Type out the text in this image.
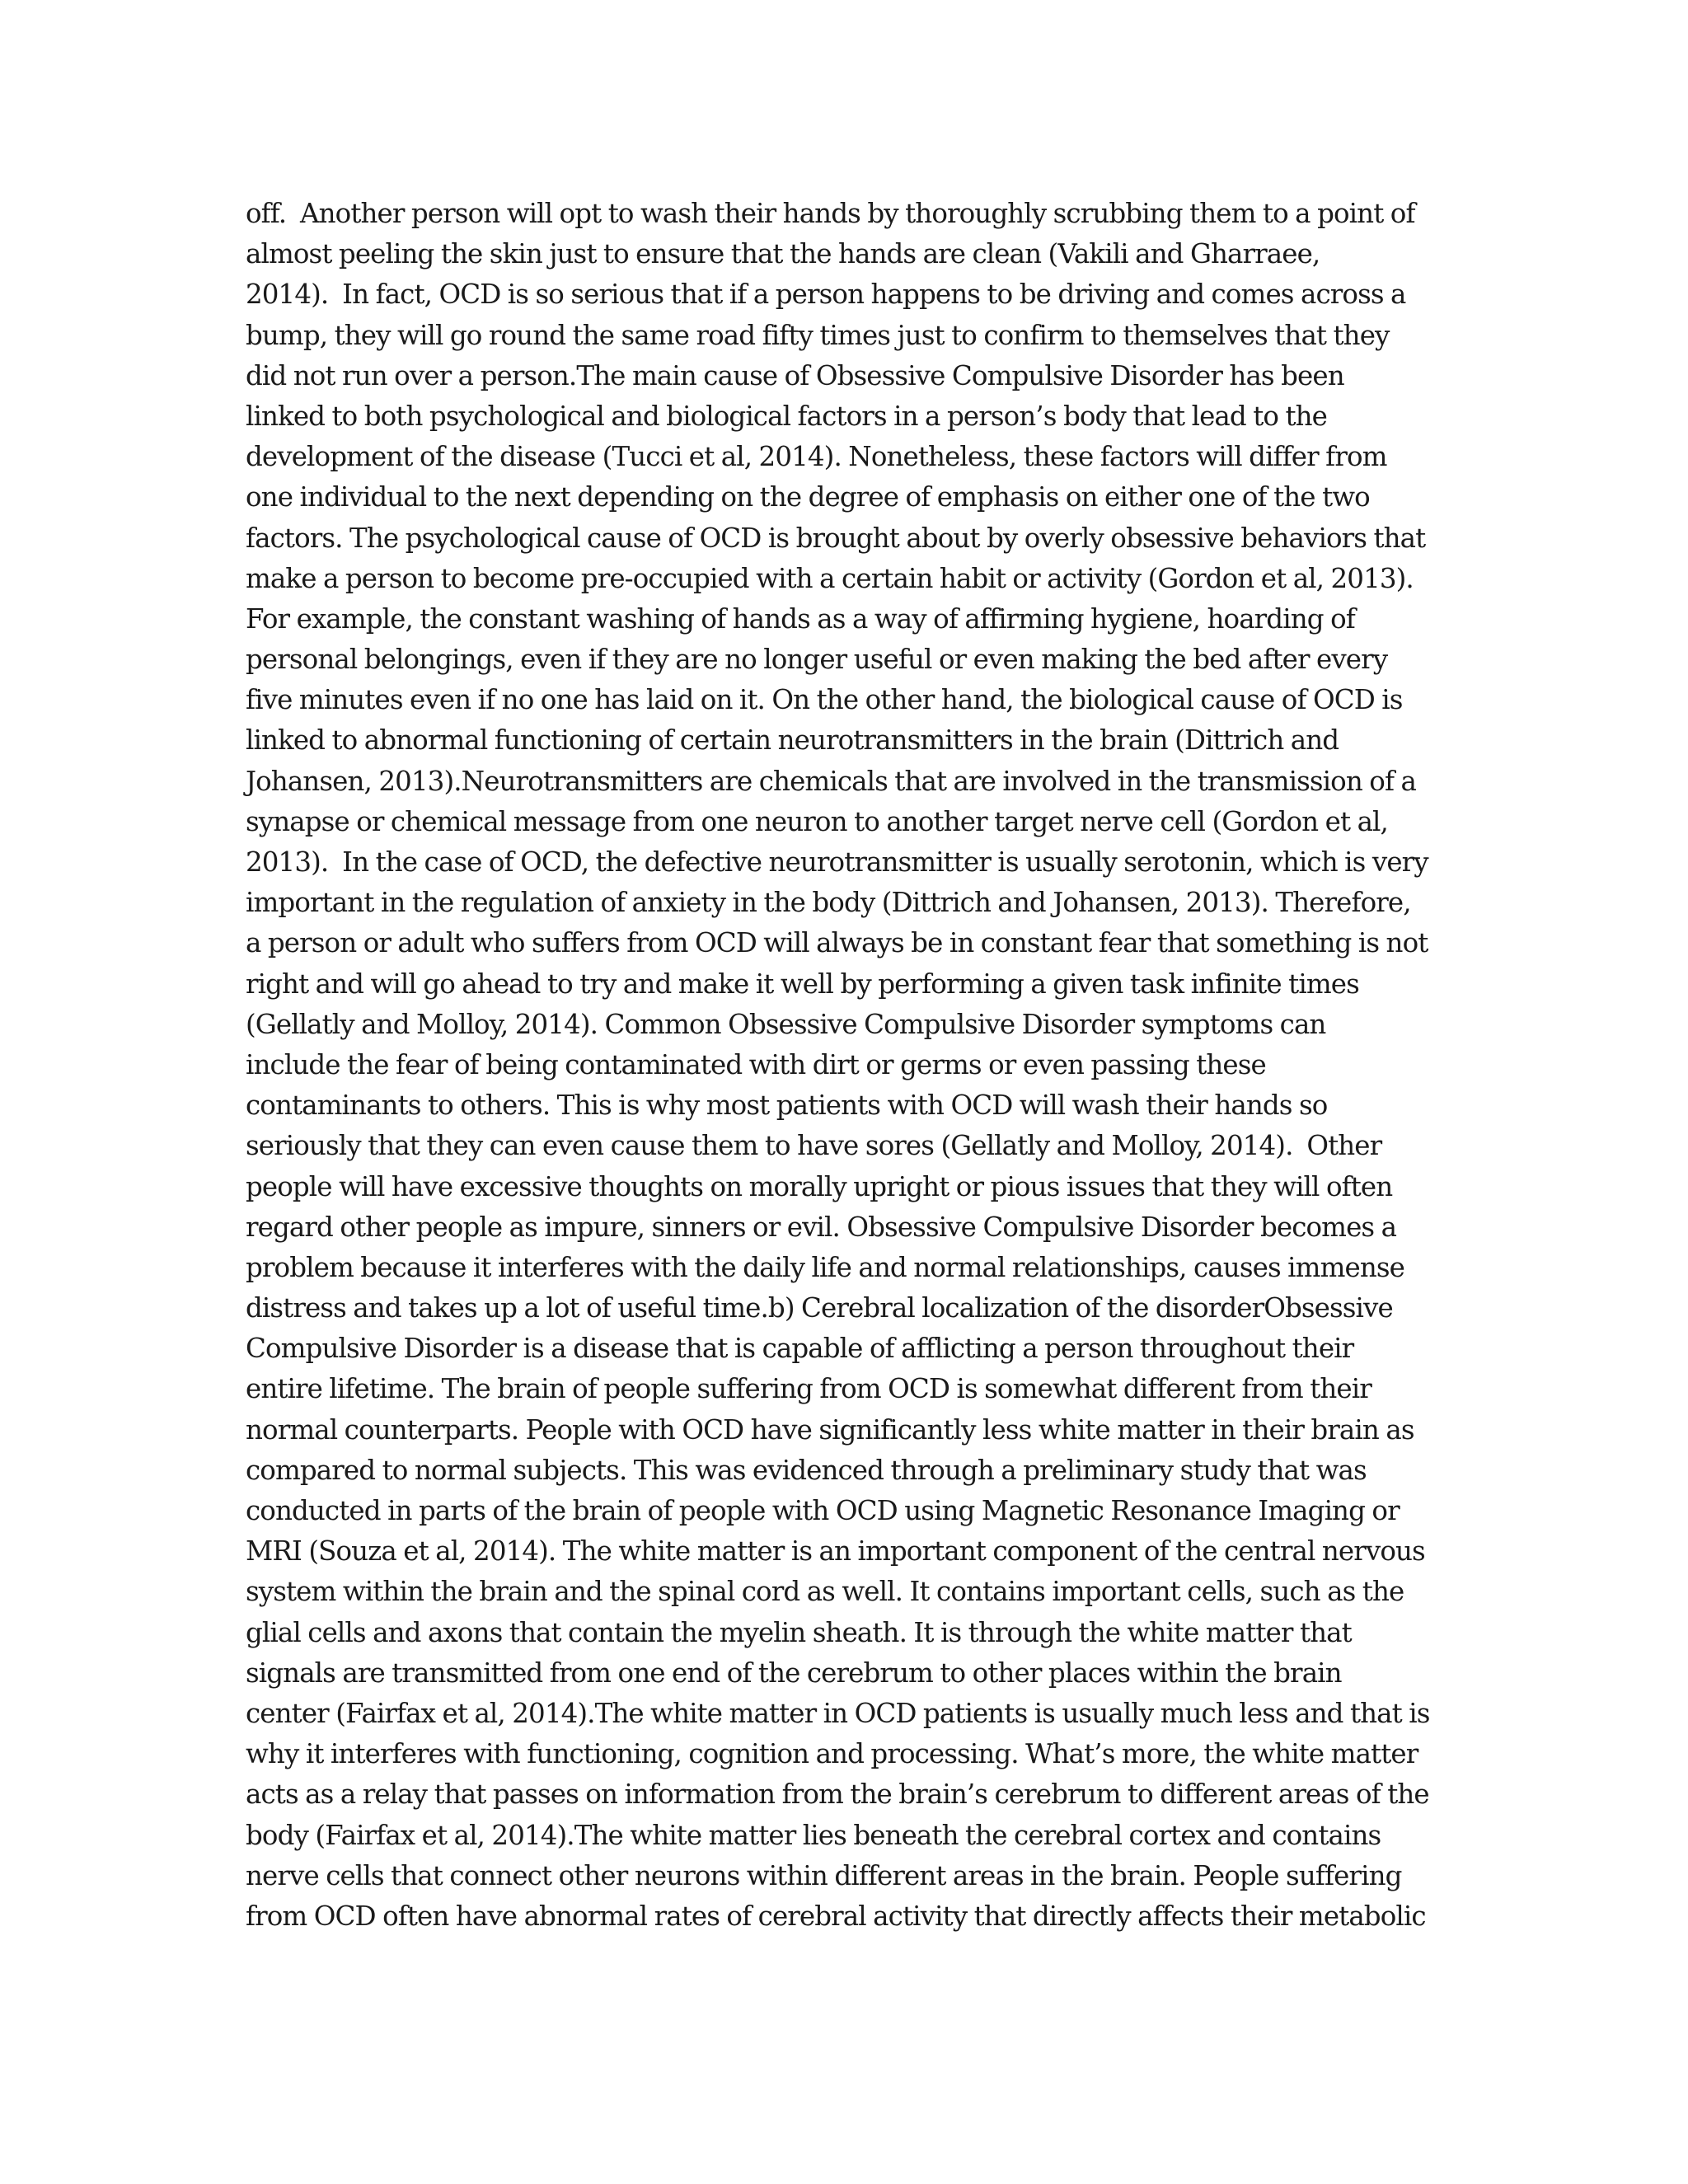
off.  Another person will opt to wash their hands by thoroughly scrubbing them to a point of
almost peeling the skin just to ensure that the hands are clean (Vakili and Gharraee,
2014).  In fact, OCD is so serious that if a person happens to be driving and comes across a
bump, they will go round the same road fifty times just to confirm to themselves that they
did not run over a person.The main cause of Obsessive Compulsive Disorder has been
linked to both psychological and biological factors in a person’s body that lead to the
development of the disease (Tucci et al, 2014). Nonetheless, these factors will differ from
one individual to the next depending on the degree of emphasis on either one of the two
factors. The psychological cause of OCD is brought about by overly obsessive behaviors that
make a person to become pre-occupied with a certain habit or activity (Gordon et al, 2013).
For example, the constant washing of hands as a way of affirming hygiene, hoarding of
personal belongings, even if they are no longer useful or even making the bed after every
five minutes even if no one has laid on it. On the other hand, the biological cause of OCD is
linked to abnormal functioning of certain neurotransmitters in the brain (Dittrich and
Johansen, 2013).Neurotransmitters are chemicals that are involved in the transmission of a
synapse or chemical message from one neuron to another target nerve cell (Gordon et al,
2013).  In the case of OCD, the defective neurotransmitter is usually serotonin, which is very
important in the regulation of anxiety in the body (Dittrich and Johansen, 2013). Therefore,
a person or adult who suffers from OCD will always be in constant fear that something is not
right and will go ahead to try and make it well by performing a given task infinite times
(Gellatly and Molloy, 2014). Common Obsessive Compulsive Disorder symptoms can
include the fear of being contaminated with dirt or germs or even passing these
contaminants to others. This is why most patients with OCD will wash their hands so
seriously that they can even cause them to have sores (Gellatly and Molloy, 2014).  Other
people will have excessive thoughts on morally upright or pious issues that they will often
regard other people as impure, sinners or evil. Obsessive Compulsive Disorder becomes a
problem because it interferes with the daily life and normal relationships, causes immense
distress and takes up a lot of useful time.b) Cerebral localization of the disorderObsessive
Compulsive Disorder is a disease that is capable of afflicting a person throughout their
entire lifetime. The brain of people suffering from OCD is somewhat different from their
normal counterparts. People with OCD have significantly less white matter in their brain as
compared to normal subjects. This was evidenced through a preliminary study that was
conducted in parts of the brain of people with OCD using Magnetic Resonance Imaging or
MRI (Souza et al, 2014). The white matter is an important component of the central nervous
system within the brain and the spinal cord as well. It contains important cells, such as the
glial cells and axons that contain the myelin sheath. It is through the white matter that
signals are transmitted from one end of the cerebrum to other places within the brain
center (Fairfax et al, 2014).The white matter in OCD patients is usually much less and that is
why it interferes with functioning, cognition and processing. What’s more, the white matter
acts as a relay that passes on information from the brain’s cerebrum to different areas of the
body (Fairfax et al, 2014).The white matter lies beneath the cerebral cortex and contains
nerve cells that connect other neurons within different areas in the brain. People suffering
from OCD often have abnormal rates of cerebral activity that directly affects their metabolic
